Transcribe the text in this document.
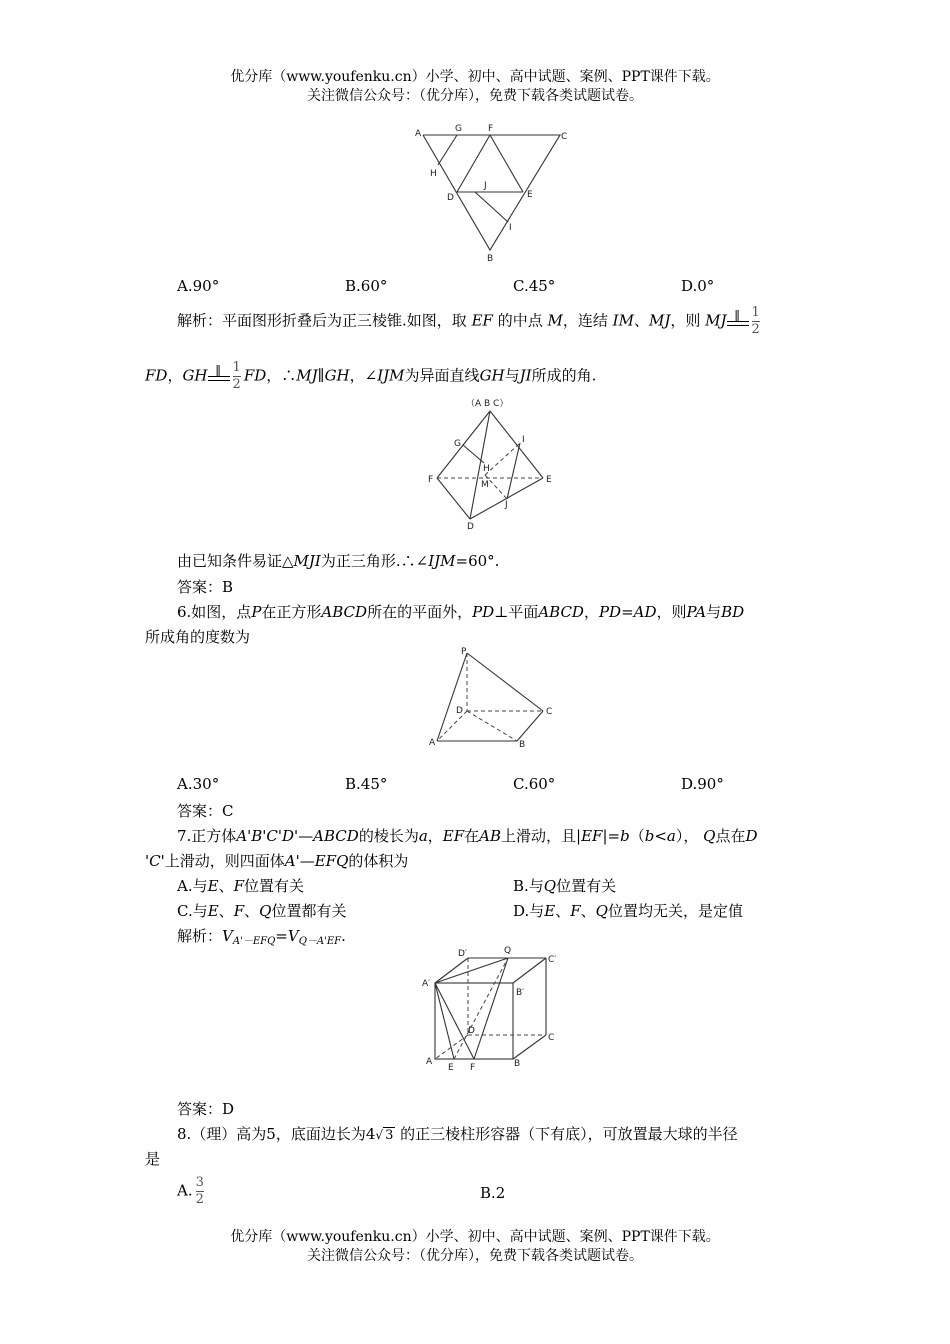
优分库（www.youfenku.cn）小学、初中、高中试题、案例、PPT课件下载。
关注微信公众号：（优分库），免费下载各类试题试卷。
A	G	F
C
H
J
D	E
I
B
A.90°	B.60°	C.45°	D.0°
解析：平面图形折叠后为正三棱锥.如图，取 EF 的中点 M，连结 IM、MJ，则 MJ ∥ $\frac{1}{2}$
FD，GH ∥ $\frac{1}{2}$ FD，∴MJ∥GH，∠IJM为异面直线GH与JI所成的角.
（A B C）
G	I
H
F	M	E
J
D
由已知条件易证△MJI为正三角形.∴∠IJM=60°.
答案：B
6.如图，点P在正方形ABCD所在的平面外，PD⊥平面ABCD，PD=AD，则PA与BD
所成角的度数为
P
D	C
A	B
A.30°	B.45°	C.60°	D.90°
答案：C
7.正方体A'B'C'D'—ABCD的棱长为a，EF在AB上滑动，且|EF|=b（b<a）， Q点在D
'C'上滑动，则四面体A'—EFQ的体积为
A.与E、F位置有关	B.与Q位置有关
C.与E、F、Q位置都有关	D.与E、F、Q位置均无关，是定值
解析：$V_{A'-EFQ}=V_{Q-A'EF}$.
D′	Q
C′
A′
B′
D
C
A
E F	B
答案：D
8.（理）高为5，底面边长为4√ 3 的正三棱柱形容器（下有底），可放置最大球的半径
是
A. $\frac{3}{2}$	B.2
优分库（www.youfenku.cn）小学、初中、高中试题、案例、PPT课件下载。
关注微信公众号：（优分库），免费下载各类试题试卷。
